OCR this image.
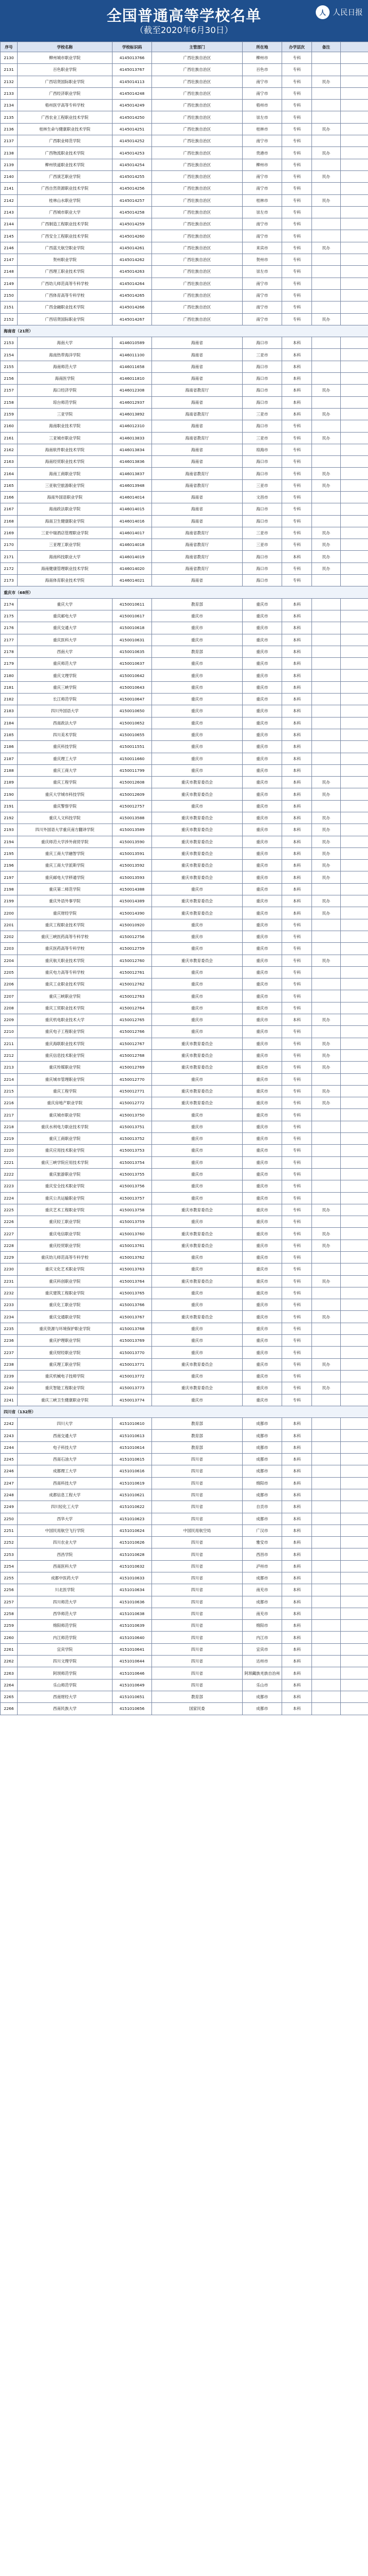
全国普通高等学校名单
（截至2020年6月30日）
人 人民日报
序号	学校名称	学校标识码	主管部门	所在地	办学层次	备注	
2130	柳州城市职业学院	4145013766	广西壮族自治区	柳州市	专科		
2131	百色职业学院	4145013767	广西壮族自治区	百色市	专科		
2132	广西培贤国际职业学院	4145014113	广西壮族自治区	南宁市	专科	民办	
2133	广西经济职业学院	4145014248	广西壮族自治区	南宁市	专科		
2134	梧州医学高等专科学校	4145014249	广西壮族自治区	梧州市	专科		
2135	广西农业工程职业技术学院	4145014250	广西壮族自治区	崇左市	专科		
2136	桂林生命与健康职业技术学院	4145014251	广西壮族自治区	桂林市	专科	民办	
2137	广西职业师范学院	4145014252	广西壮族自治区	南宁市	专科		
2138	广西物流职业技术学院	4145014253	广西壮族自治区	贵港市	专科	民办	
2139	柳州铁道职业技术学院	4145014254	广西壮族自治区	柳州市	专科		
2140	广西演艺职业学院	4145014255	广西壮族自治区	南宁市	专科	民办	
2141	广西自然资源职业技术学院	4145014256	广西壮族自治区	南宁市	专科		
2142	桂林山水职业学院	4145014257	广西壮族自治区	桂林市	专科	民办	
2143	广西城市职业大学	4145014258	广西壮族自治区	崇左市	专科		
2144	广西制造工程职业技术学院	4145014259	广西壮族自治区	南宁市	专科		
2145	广西安全工程职业技术学院	4145014260	广西壮族自治区	南宁市	专科		
2146	广西蓝天航空职业学院	4145014261	广西壮族自治区	来宾市	专科	民办	
2147	贺州职业学院	4145014262	广西壮族自治区	贺州市	专科		
2148	广西理工职业技术学院	4145014263	广西壮族自治区	崇左市	专科		
2149	广西幼儿师范高等专科学校	4145014264	广西壮族自治区	南宁市	专科		
2150	广西体育高等专科学校	4145014265	广西壮族自治区	南宁市	专科		
2151	广西金融职业技术学院	4145014266	广西壮族自治区	南宁市	专科		
2152	广西培贤国际职业学院	4145014267	广西壮族自治区	南宁市	专科	民办	
海南省（21所）							
2153	海南大学	4146010589	海南省	海口市	本科		
2154	海南热带海洋学院	4146011100	海南省	三亚市	本科		
2155	海南师范大学	4146011658	海南省	海口市	本科		
2156	海南医学院	4146011810	海南省	海口市	本科		
2157	海口经济学院	4146012308	海南省教育厅	海口市	本科	民办	
2158	琼台师范学院	4146012937	海南省	海口市	本科		
2159	三亚学院	4146013892	海南省教育厅	三亚市	本科	民办	
2160	海南职业技术学院	4146012310	海南省	海口市	专科		
2161	三亚城市职业学院	4146013833	海南省教育厅	三亚市	专科	民办	
2162	海南软件职业技术学院	4146013834	海南省	琼海市	专科		
2163	海南经贸职业技术学院	4146013836	海南省	海口市	专科		
2164	海南工商职业学院	4146013837	海南省教育厅	海口市	专科	民办	
2165	三亚航空旅游职业学院	4146013948	海南省教育厅	三亚市	专科	民办	
2166	海南外国语职业学院	4146014014	海南省	文昌市	专科		
2167	海南政法职业学院	4146014015	海南省	海口市	专科		
2168	海南卫生健康职业学院	4146014016	海南省	海口市	专科		
2169	三亚中瑞酒店管理职业学院	4146014017	海南省教育厅	三亚市	专科	民办	
2170	三亚理工职业学院	4146014018	海南省教育厅	三亚市	专科	民办	
2171	海南科技职业大学	4146014019	海南省教育厅	海口市	本科	民办	
2172	海南健康管理职业技术学院	4146014020	海南省教育厅	海口市	专科	民办	
2173	海南体育职业技术学院	4146014021	海南省	海口市	专科		
重庆市（68所）							
2174	重庆大学	4150010611	教育部	重庆市	本科		
2175	重庆邮电大学	4150010617	重庆市	重庆市	本科		
2176	重庆交通大学	4150010618	重庆市	重庆市	本科		
2177	重庆医科大学	4150010631	重庆市	重庆市	本科		
2178	西南大学	4150010635	教育部	重庆市	本科		
2179	重庆师范大学	4150010637	重庆市	重庆市	本科		
2180	重庆文理学院	4150010642	重庆市	重庆市	本科		
2181	重庆三峡学院	4150010643	重庆市	重庆市	本科		
2182	长江师范学院	4150010647	重庆市	重庆市	本科		
2183	四川外国语大学	4150010650	重庆市	重庆市	本科		
2184	西南政法大学	4150010652	重庆市	重庆市	本科		
2185	四川美术学院	4150010655	重庆市	重庆市	本科		
2186	重庆科技学院	4150011551	重庆市	重庆市	本科		
2187	重庆理工大学	4150011660	重庆市	重庆市	本科		
2188	重庆工商大学	4150011799	重庆市	重庆市	本科		
2189	重庆工程学院	4150012608	重庆市教育委员会	重庆市	本科	民办	
2190	重庆大学城市科技学院	4150012609	重庆市教育委员会	重庆市	本科	民办	
2191	重庆警察学院	4150012757	重庆市	重庆市	本科		
2192	重庆人文科技学院	4150013588	重庆市教育委员会	重庆市	本科	民办	
2193	四川外国语大学重庆南方翻译学院	4150013589	重庆市教育委员会	重庆市	本科	民办	
2194	重庆师范大学涉外商贸学院	4150013590	重庆市教育委员会	重庆市	本科	民办	
2195	重庆工商大学融智学院	4150013591	重庆市教育委员会	重庆市	本科	民办	
2196	重庆工商大学派斯学院	4150013592	重庆市教育委员会	重庆市	本科	民办	
2197	重庆邮电大学移通学院	4150013593	重庆市教育委员会	重庆市	本科	民办	
2198	重庆第二师范学院	4150014388	重庆市	重庆市	本科		
2199	重庆外语外事学院	4150014389	重庆市教育委员会	重庆市	本科	民办	
2200	重庆财经学院	4150014390	重庆市教育委员会	重庆市	本科	民办	
2201	重庆工程职业技术学院	4150010920	重庆市	重庆市	专科		
2202	重庆三峡医药高等专科学校	4150012756	重庆市	重庆市	专科		
2203	重庆医药高等专科学校	4150012759	重庆市	重庆市	专科		
2204	重庆航天职业技术学院	4150012760	重庆市教育委员会	重庆市	专科	民办	
2205	重庆电力高等专科学校	4150012761	重庆市	重庆市	专科		
2206	重庆工业职业技术学院	4150012762	重庆市	重庆市	专科		
2207	重庆三峡职业学院	4150012763	重庆市	重庆市	专科		
2208	重庆工贸职业技术学院	4150012764	重庆市	重庆市	专科		
2209	重庆机电职业技术大学	4150012765	重庆市	重庆市	本科	民办	
2210	重庆电子工程职业学院	4150012766	重庆市	重庆市	专科		
2211	重庆海联职业技术学院	4150012767	重庆市教育委员会	重庆市	专科	民办	
2212	重庆信息技术职业学院	4150012768	重庆市教育委员会	重庆市	专科	民办	
2213	重庆传媒职业学院	4150012769	重庆市教育委员会	重庆市	专科	民办	
2214	重庆城市管理职业学院	4150012770	重庆市	重庆市	专科		
2215	重庆工程学院	4150012771	重庆市教育委员会	重庆市	专科	民办	
2216	重庆房地产职业学院	4150012772	重庆市教育委员会	重庆市	专科	民办	
2217	重庆城市职业学院	4150013750	重庆市	重庆市	专科		
2218	重庆水利电力职业技术学院	4150013751	重庆市	重庆市	专科		
2219	重庆工商职业学院	4150013752	重庆市	重庆市	专科		
2220	重庆应用技术职业学院	4150013753	重庆市	重庆市	专科		
2221	重庆三峡学院应用技术学院	4150013754	重庆市	重庆市	专科		
2222	重庆旅游职业学院	4150013755	重庆市	重庆市	专科		
2223	重庆安全技术职业学院	4150013756	重庆市	重庆市	专科		
2224	重庆公共运输职业学院	4150013757	重庆市	重庆市	专科		
2225	重庆艺术工程职业学院	4150013758	重庆市教育委员会	重庆市	专科	民办	
2226	重庆轻工职业学院	4150013759	重庆市	重庆市	专科		
2227	重庆电信职业学院	4150013760	重庆市教育委员会	重庆市	专科	民办	
2228	重庆经贸职业学院	4150013761	重庆市教育委员会	重庆市	专科	民办	
2229	重庆幼儿师范高等专科学校	4150013762	重庆市	重庆市	专科		
2230	重庆文化艺术职业学院	4150013763	重庆市	重庆市	专科		
2231	重庆科创职业学院	4150013764	重庆市教育委员会	重庆市	专科	民办	
2232	重庆建筑工程职业学院	4150013765	重庆市	重庆市	专科		
2233	重庆化工职业学院	4150013766	重庆市	重庆市	专科		
2234	重庆交通职业学院	4150013767	重庆市教育委员会	重庆市	专科	民办	
2235	重庆资源与环境保护职业学院	4150013768	重庆市	重庆市	专科		
2236	重庆护理职业学院	4150013769	重庆市	重庆市	专科		
2237	重庆财经职业学院	4150013770	重庆市	重庆市	专科		
2238	重庆理工职业学院	4150013771	重庆市教育委员会	重庆市	专科	民办	
2239	重庆机械电子技师学院	4150013772	重庆市	重庆市	专科		
2240	重庆智能工程职业学院	4150013773	重庆市教育委员会	重庆市	专科	民办	
2241	重庆三峡卫生健康职业学院	4150013774	重庆市	重庆市	专科		
四川省（132所）							
2242	四川大学	4151010610	教育部	成都市	本科		
2243	西南交通大学	4151010613	教育部	成都市	本科		
2244	电子科技大学	4151010614	教育部	成都市	本科		
2245	西南石油大学	4151010615	四川省	成都市	本科		
2246	成都理工大学	4151010616	四川省	成都市	本科		
2247	西南科技大学	4151010619	四川省	绵阳市	本科		
2248	成都信息工程大学	4151010621	四川省	成都市	本科		
2249	四川轻化工大学	4151010622	四川省	自贡市	本科		
2250	西华大学	4151010623	四川省	成都市	本科		
2251	中国民用航空飞行学院	4151010624	中国民用航空局	广汉市	本科		
2252	四川农业大学	4151010626	四川省	雅安市	本科		
2253	西昌学院	4151010628	四川省	西昌市	本科		
2254	西南医科大学	4151010632	四川省	泸州市	本科		
2255	成都中医药大学	4151010633	四川省	成都市	本科		
2256	川北医学院	4151010634	四川省	南充市	本科		
2257	四川师范大学	4151010636	四川省	成都市	本科		
2258	西华师范大学	4151010638	四川省	南充市	本科		
2259	绵阳师范学院	4151010639	四川省	绵阳市	本科		
2260	内江师范学院	4151010640	四川省	内江市	本科		
2261	宜宾学院	4151010641	四川省	宜宾市	本科		
2262	四川文理学院	4151010644	四川省	达州市	本科		
2263	阿坝师范学院	4151010646	四川省	阿坝藏族羌族自治州	本科		
2264	乐山师范学院	4151010649	四川省	乐山市	本科		
2265	西南财经大学	4151010651	教育部	成都市	本科		
2266	西南民族大学	4151010656	国家民委	成都市	本科		
